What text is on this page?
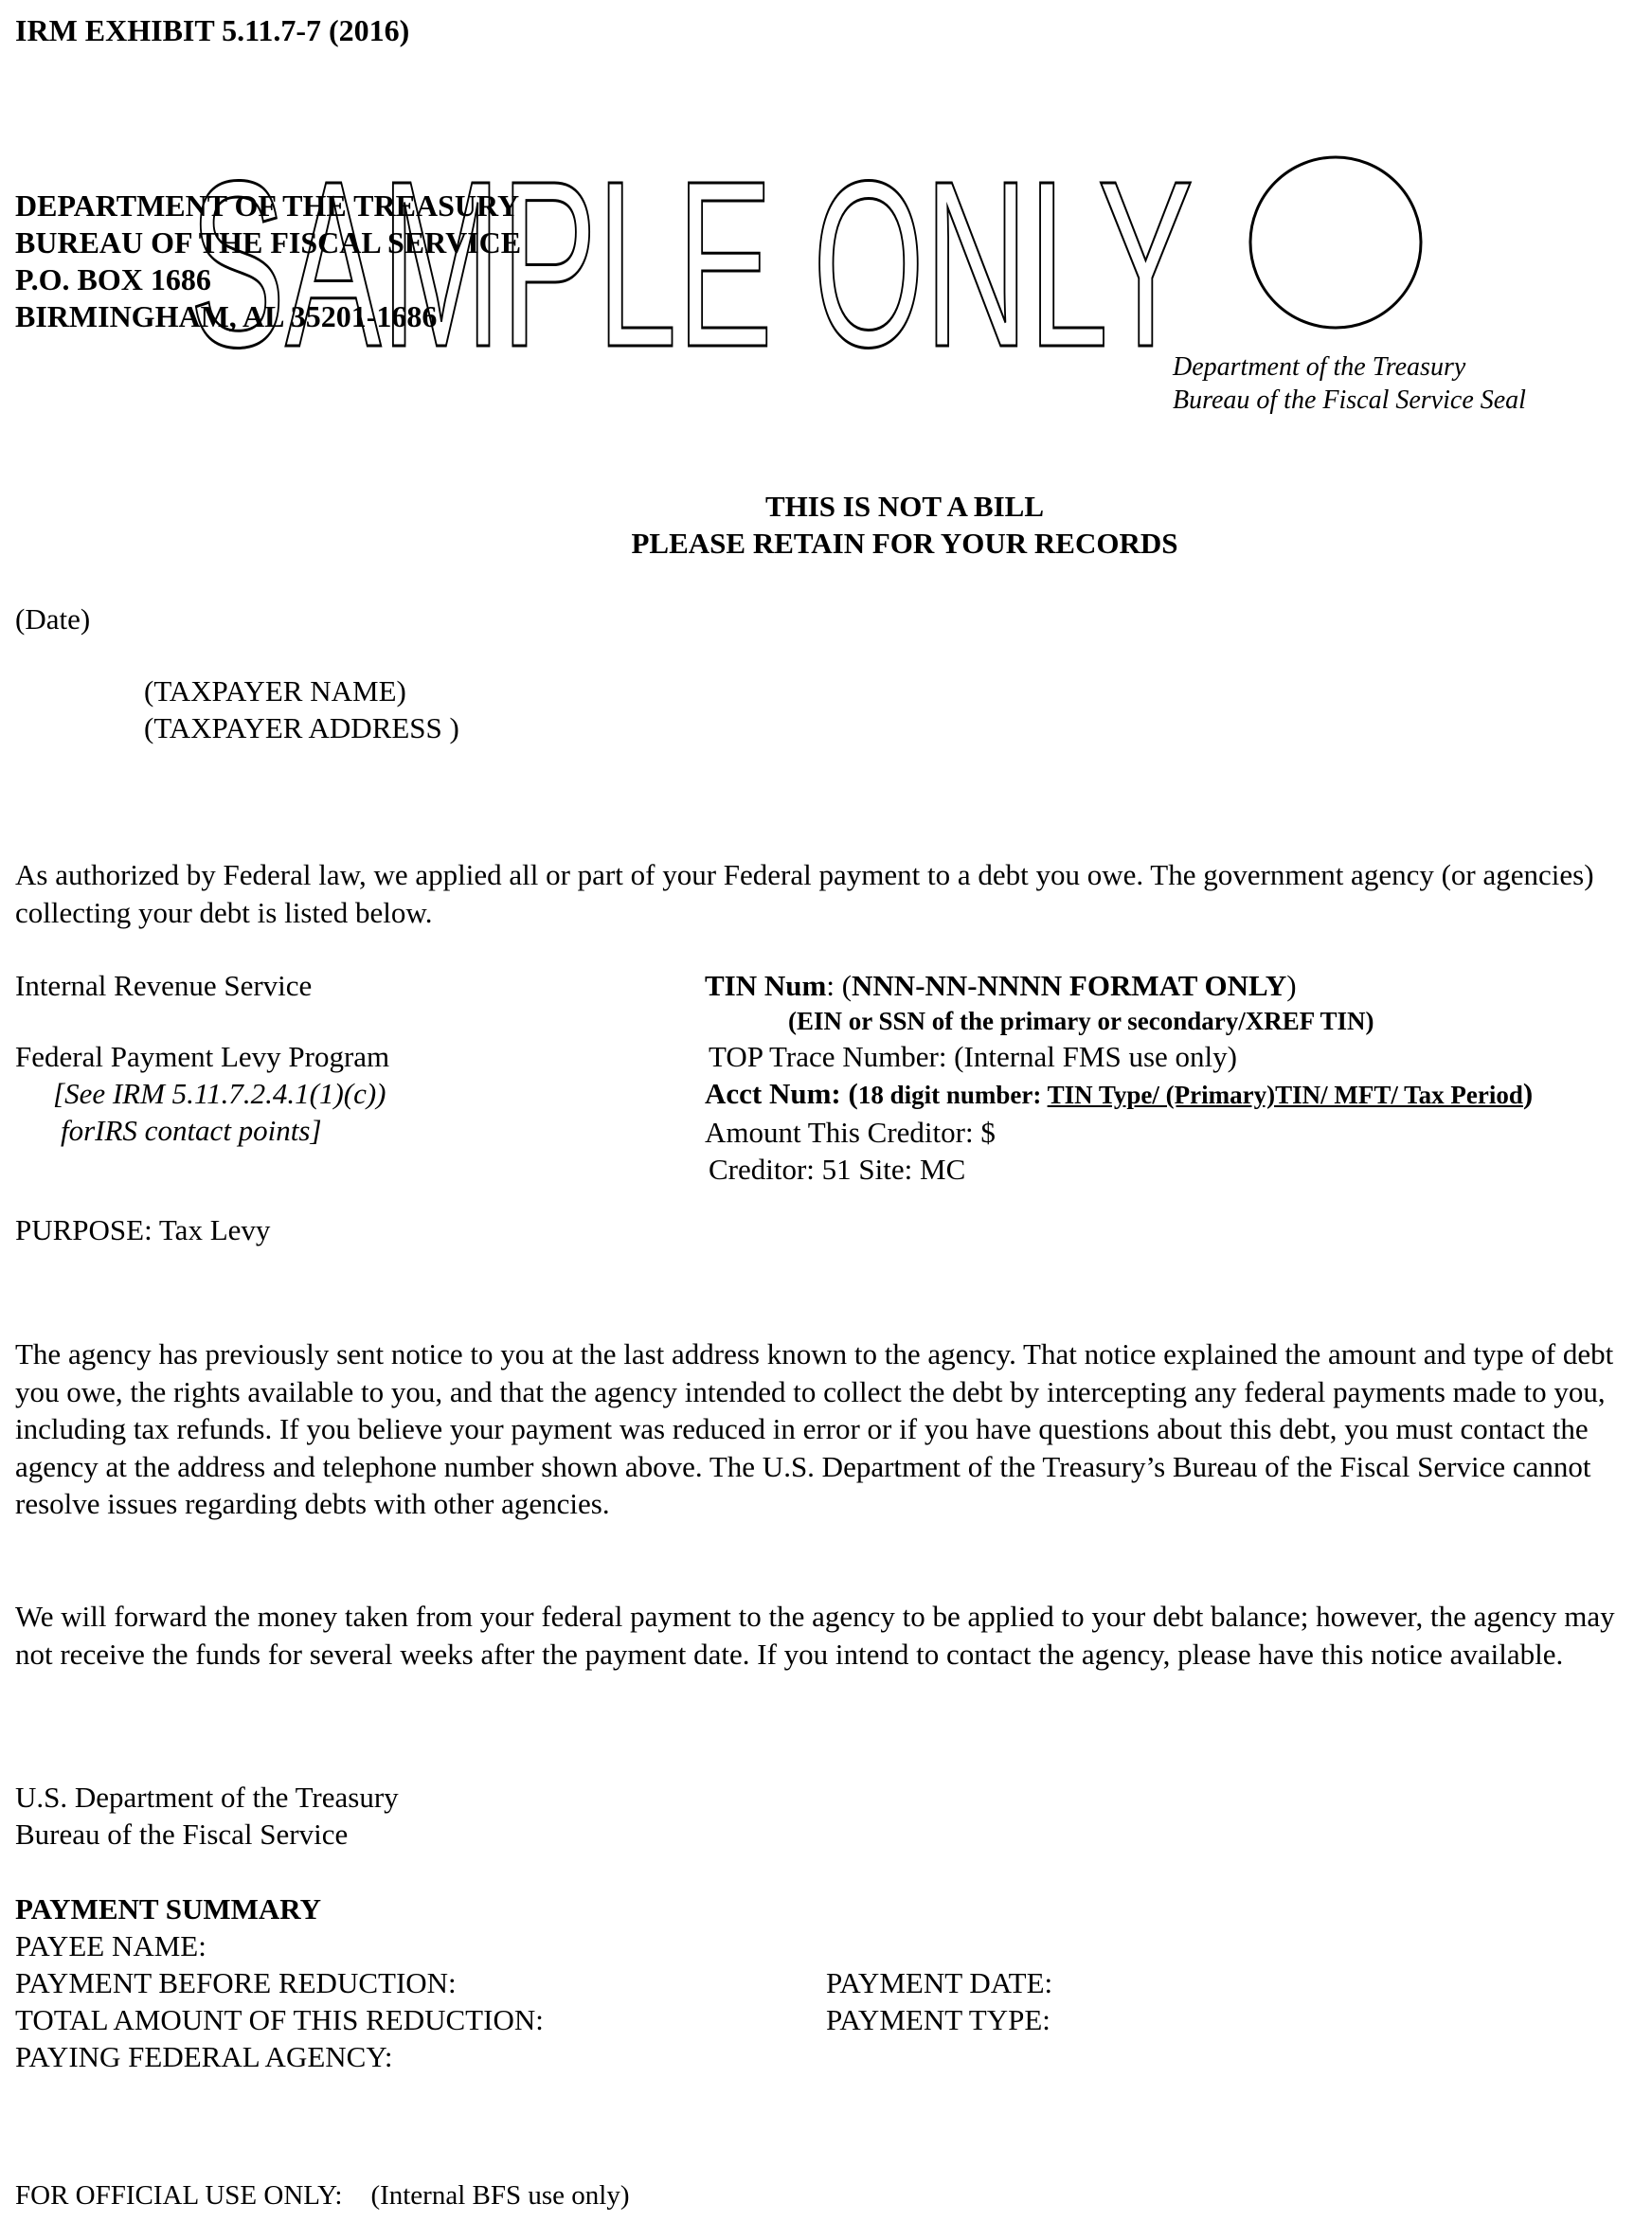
IRM EXHIBIT 5.11.7-7 (2016)
DEPARTMENT OF THE TREASURY
BUREAU OF THE FISCAL SERVICE
P.O. BOX 1686
BIRMINGHAM, AL 35201-1686
SAMPLE ONLY
Department of the Treasury
Bureau of the Fiscal Service Seal
THIS IS NOT A BILL
PLEASE RETAIN FOR YOUR RECORDS
(Date)
(TAXPAYER NAME)
(TAXPAYER ADDRESS )
As authorized by Federal law, we applied all or part of your Federal payment to a debt you owe. The government agency (or agencies) collecting your debt is listed below.
Internal Revenue Service
Federal Payment Levy Program
[See IRM 5.11.7.2.4.1(1)(c))
forIRS contact points]
TIN Num: (NNN-NN-NNNN FORMAT ONLY)
(EIN or SSN of the primary or secondary/XREF TIN)
TOP Trace Number: (Internal FMS use only)
Acct Num: (18 digit number: TIN Type/ (Primary)TIN/ MFT/ Tax Period)
Amount This Creditor: $
Creditor: 51 Site: MC
PURPOSE: Tax Levy
The agency has previously sent notice to you at the last address known to the agency. That notice explained the amount and type of debt you owe, the rights available to you, and that the agency intended to collect the debt by intercepting any federal payments made to you, including tax refunds. If you believe your payment was reduced in error or if you have questions about this debt, you must contact the agency at the address and telephone number shown above. The U.S. Department of the Treasury’s Bureau of the Fiscal Service cannot resolve issues regarding debts with other agencies.
We will forward the money taken from your federal payment to the agency to be applied to your debt balance; however, the agency may not receive the funds for several weeks after the payment date. If you intend to contact the agency, please have this notice available.
U.S. Department of the Treasury
Bureau of the Fiscal Service
PAYMENT SUMMARY
PAYEE NAME:
PAYMENT BEFORE REDUCTION:
TOTAL AMOUNT OF THIS REDUCTION:
PAYING FEDERAL AGENCY:
PAYMENT DATE:
PAYMENT TYPE:
FOR OFFICIAL USE ONLY: (Internal BFS use only)
